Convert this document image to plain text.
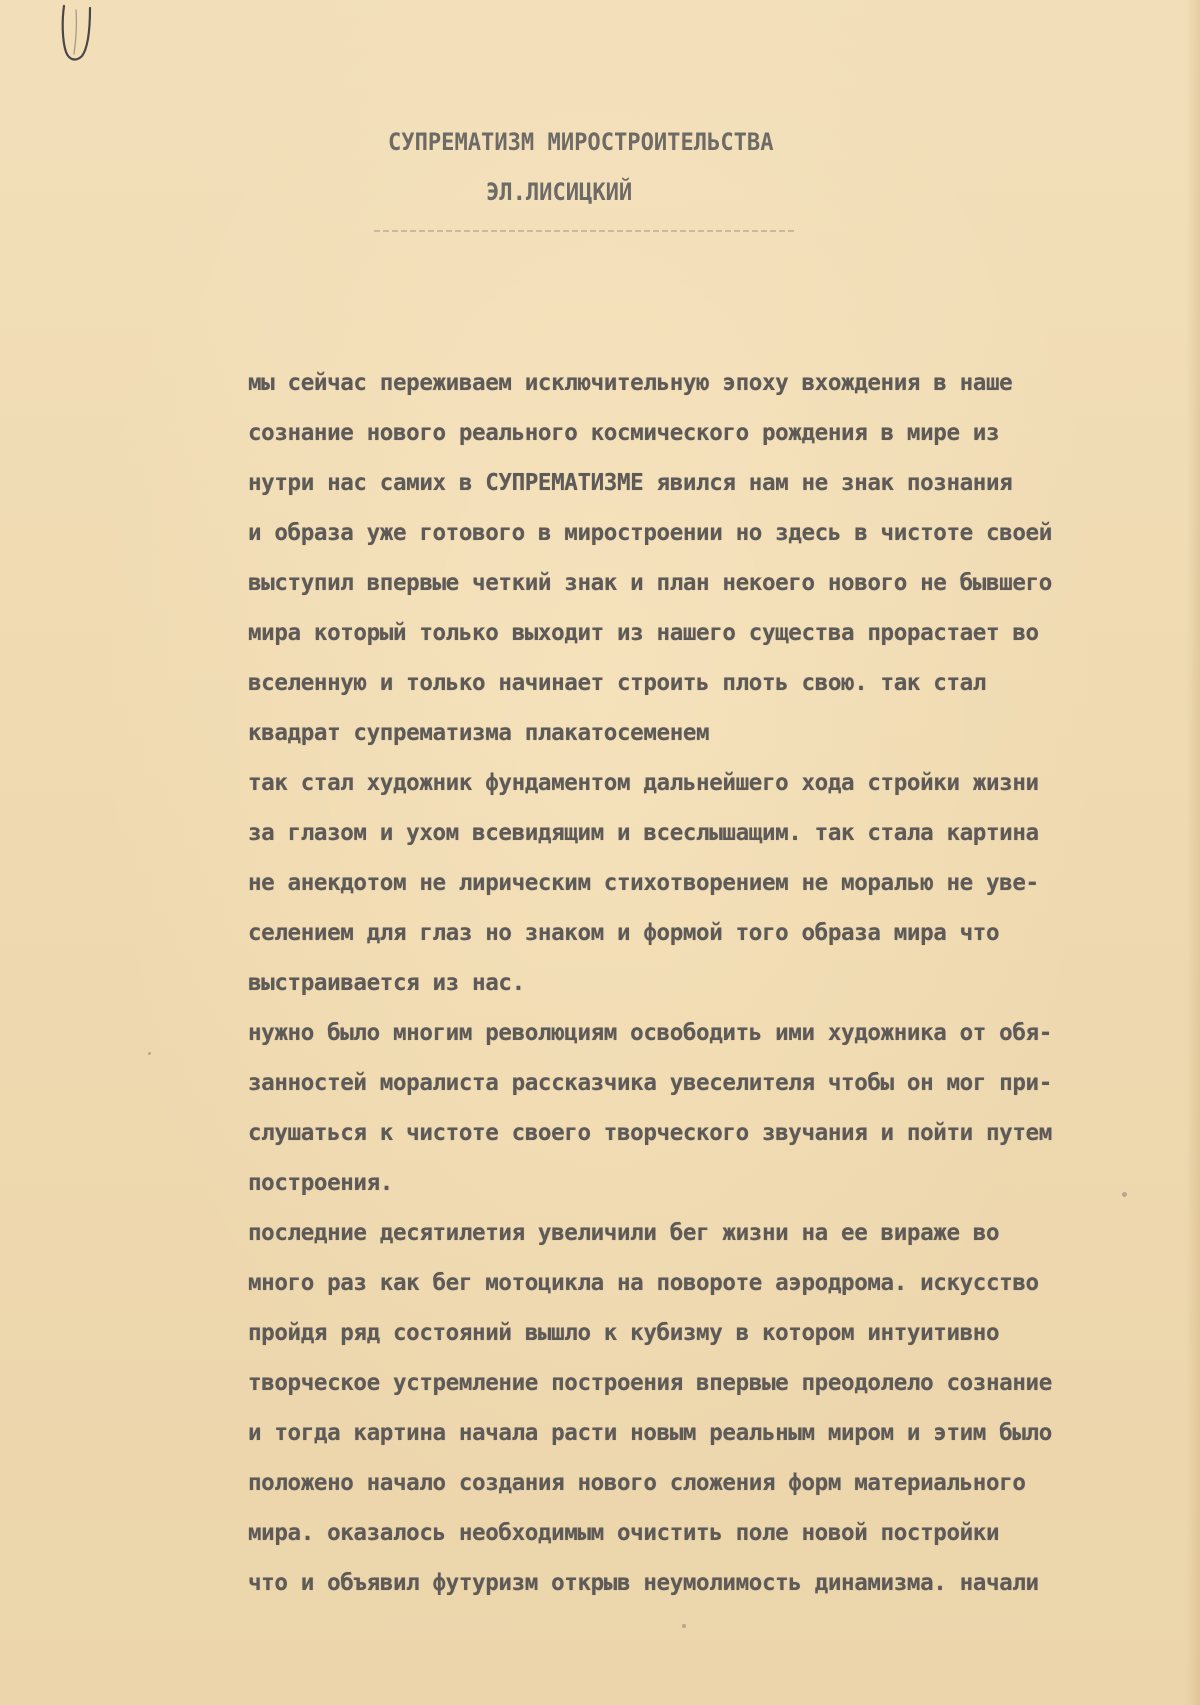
СУПРЕМАТИЗМ МИРОСТРОИТЕЛЬСТВА
ЭЛ.ЛИСИЦКИЙ
мы сейчас переживаем исключительную эпоху вхождения в наше
сознание нового реального космического рождения в мире из
нутри нас самих в СУПРЕМАТИЗМЕ явился нам не знак познания
и образа уже готового в миростроении но здесь в чистоте своей
выступил впервые четкий знак и план некоего нового не бывшего
мира который только выходит из нашего существа прорастает во
вселенную и только начинает строить плоть свою. так стал
квадрат супрематизма плакатосеменем
так стал художник фундаментом дальнейшего хода стройки жизни
за глазом и ухом всевидящим и всеслышащим. так стала картина
не анекдотом не лирическим стихотворением не моралью не уве-
селением для глаз но знаком и формой того образа мира что
выстраивается из нас.
нужно было многим революциям освободить ими художника от обя-
занностей моралиста рассказчика увеселителя чтобы он мог при-
слушаться к чистоте своего творческого звучания и пойти путем
построения.
последние десятилетия увеличили бег жизни на ее вираже во
много раз как бег мотоцикла на повороте аэродрома. искусство
пройдя ряд состояний вышло к кубизму в котором интуитивно
творческое устремление построения впервые преодолело сознание
и тогда картина начала расти новым реальным миром и этим было
положено начало создания нового сложения форм материального
мира. оказалось необходимым очистить поле новой постройки
что и объявил футуризм открыв неумолимость динамизма. начали
